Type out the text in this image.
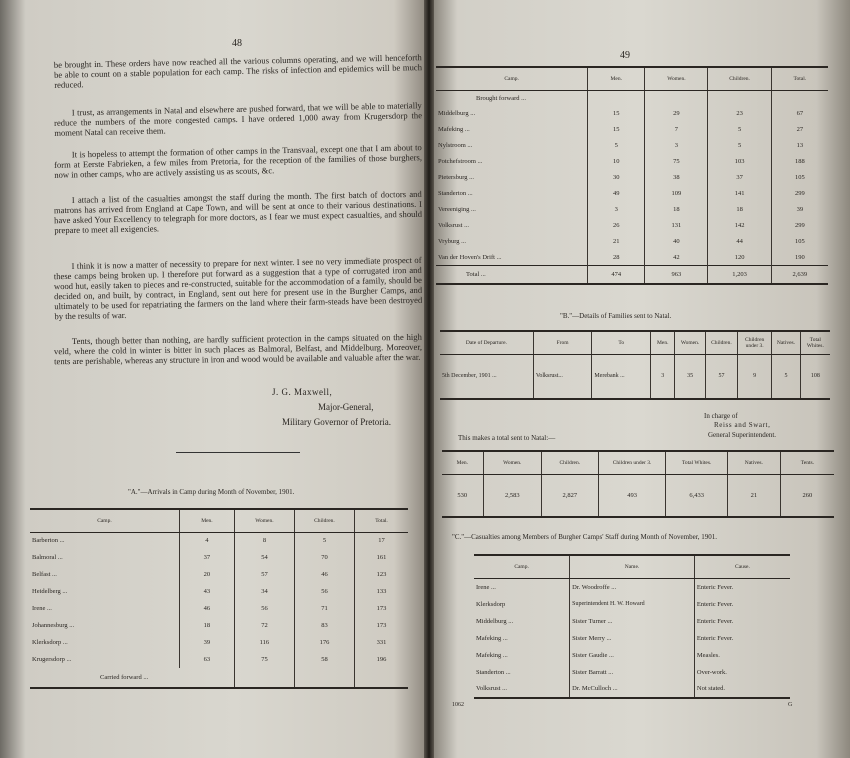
48

be brought in. These orders have now reached all the various columns operating, and we will henceforth be able to count on a stable population for each camp. The risks of infection and epidemics will be much reduced.

I trust, as arrangements in Natal and elsewhere are pushed forward, that we will be able to materially reduce the numbers of the more congested camps. I have ordered 1,000 away from Krugersdorp the moment Natal can receive them.

It is hopeless to attempt the formation of other camps in the Transvaal, except one that I am about to form at Eerste Fabrieken, a few miles from Pretoria, for the reception of the families of those burghers, now in other camps, who are actively assisting us as scouts, &c.

I attach a list of the casualties amongst the staff during the month. The first batch of doctors and matrons has arrived from England at Cape Town, and will be sent at once to their various destinations. I have asked Your Excellency to telegraph for more doctors, as I fear we must expect casualties, and should prepare to meet all exigencies.

I think it is now a matter of necessity to prepare for next winter. I see no very immediate prospect of these camps being broken up. I therefore put forward as a suggestion that a type of corrugated iron and wood hut, easily taken to pieces and re-constructed, suitable for the accommodation of a family, should be decided on, and built, by contract, in England, sent out here for present use in the Burgher Camps, and ultimately to be used for repatriating the farmers on the land where their farm-steads have been destroyed by the results of war.

Tents, though better than nothing, are hardly sufficient protection in the camps situated on the high veld, where the cold in winter is bitter in such places as Balmoral, Belfast, and Middelburg. Moreover, tents are perishable, whereas any structure in iron and wood would be available and valuable after the war.

J. G. Maxwell,
Major-General,
Military Governor of Pretoria.
"A."—Arrivals in Camp during Month of November, 1901.
Camp.	Men.	Women.	Children.	Total.
Barberton ...	4	8	5	17
Balmoral ...	37	54	70	161
Belfast ...	20	57	46	123
Heidelberg ...	43	34	56	133
Irene ...	46	56	71	173
Johannesburg ...	18	72	83	173
Klerksdorp ...	39	116	176	331
Krugersdorp ...	63	75	58	196
Carried forward ...				
49
Camp.	Men.	Women.	Children.	Total.
Brought forward ...				
Middelburg ...	15	29	23	67
Mafeking ...	15	7	5	27
Nylstroom ...	5	3	5	13
Potchefstroom ...	10	75	103	188
Pietersburg ...	30	38	37	105
Standerton ...	49	109	141	299
Vereeniging ...	3	18	18	39
Volksrust ...	26	131	142	299
Vryburg ...	21	40	44	105
Van der Hoven's Drift ...	28	42	120	190
Total ...	474	963	1,203	2,639
"B."—Details of Families sent to Natal.
Date of Departure.	From	To	Men.	Women.	Children.	Children under 3.	Natives.	Total Whites.
5th December, 1901 ...	Volksrust...	Merebank ...	3	35	57	9	5	108
In charge of
Reiss and Swart,
General Superintendent.
This makes a total sent to Natal:—
Men.	Women.	Children.	Children under 3.	Total Whites.	Natives.	Tents.
530	2,583	2,827	493	6,433	21	260
"C."—Casualties among Members of Burgher Camps' Staff during Month of November, 1901.
Camp.	Name.	Cause.
Irene ...	Dr. Woodroffe ...	Enteric Fever.
Klerksdorp	Superintendent H. W. Howard	Enteric Fever.
Middelburg ...	Sister Turner ...	Enteric Fever.
Mafeking ...	Sister Merry ...	Enteric Fever.
Mafeking ...	Sister Gaudie ...	Measles.
Standerton ...	Sister Barratt ...	Over-work.
Volksrust ...	Dr. McCulloch ...	Not stated.
1062	G
